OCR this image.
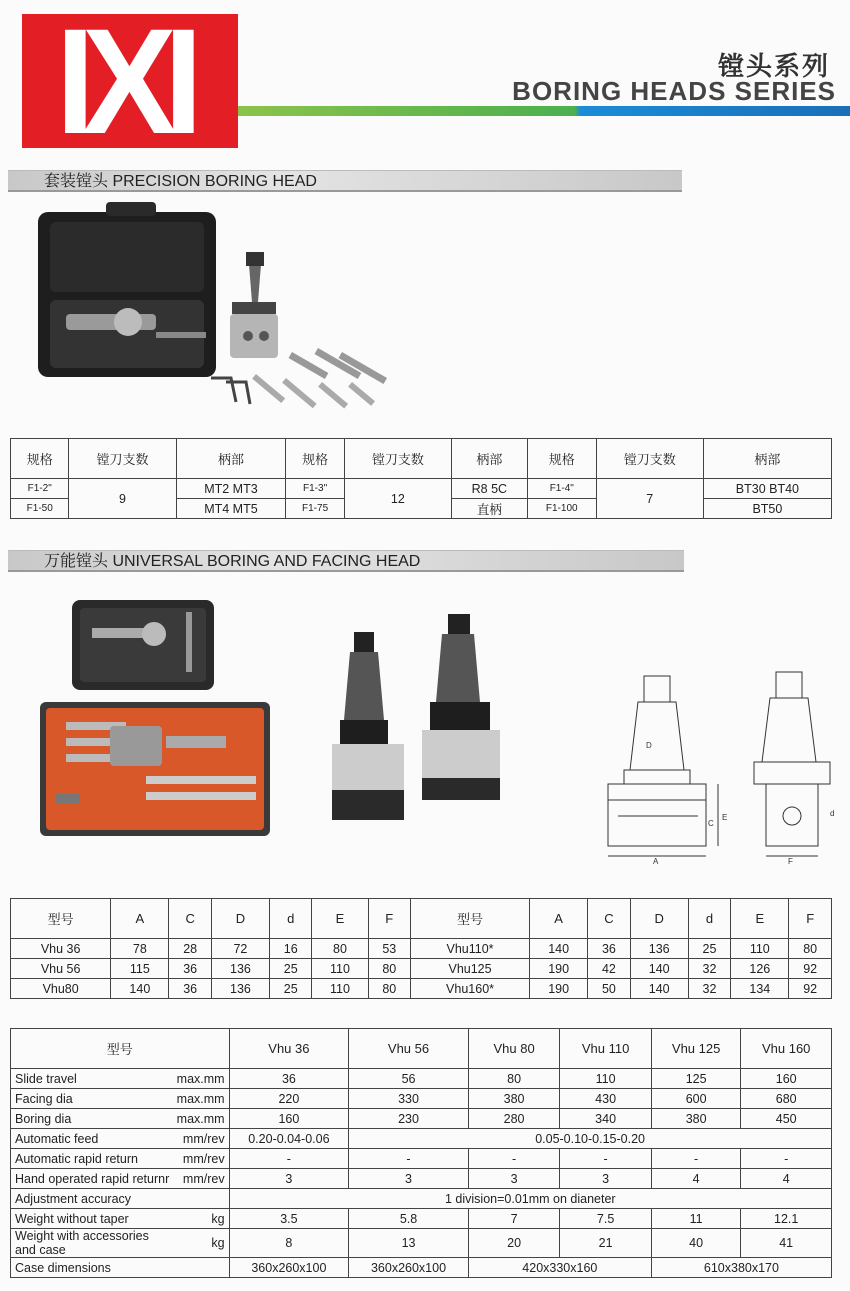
IXI	镗头系列
BORING HEADS SERIES
套装镗头 PRECISION BORING HEAD
规格	镗刀支数	柄部	规格	镗刀支数	柄部	规格	镗刀支数	柄部
F1-2"	9	MT2 MT3	F1-3"	12	R8 5C	F1-4"	7	BT30 BT40
F1-50		MT4 MT5	F1-75		直柄	F1-100		BT50
万能镗头 UNIVERSAL BORING AND FACING HEAD
D
A
C
E	d
F
型号	A	C	D	d	E	F	型号	A	C	D	d	E	F
Vhu 36	78	28	72	16	80	53	Vhu110*	140	36	136	25	110	80
Vhu 56	115	36	136	25	110	80	Vhu125	190	42	140	32	126	92
Vhu80	140	36	136	25	110	80	Vhu160*	190	50	140	32	134	92
型号		Vhu 36	Vhu 56	Vhu 80	Vhu 110	Vhu 125	Vhu 160
Slide travel	max.mm	36	56	80	110	125	160
Facing dia	max.mm	220	330	380	430	600	680
Boring dia	max.mm	160	230	280	340	380	450
Automatic feed	mm/rev	0.20-0.04-0.06	0.05-0.10-0.15-0.20				
Automatic rapid return	mm/rev	-	-	-	-	-	-
Hand operated rapid returnr	mm/rev	3	3	3	3	4	4
Adjustment accuracy		1 division=0.01mm on dianeter					
Weight without taper	kg	3.5	5.8	7	7.5	11	12.1
Weight with accessories and case	kg	8	13	20	21	40	41
Case dimensions		360x260x100	360x260x100	420x330x160		610x380x170	
